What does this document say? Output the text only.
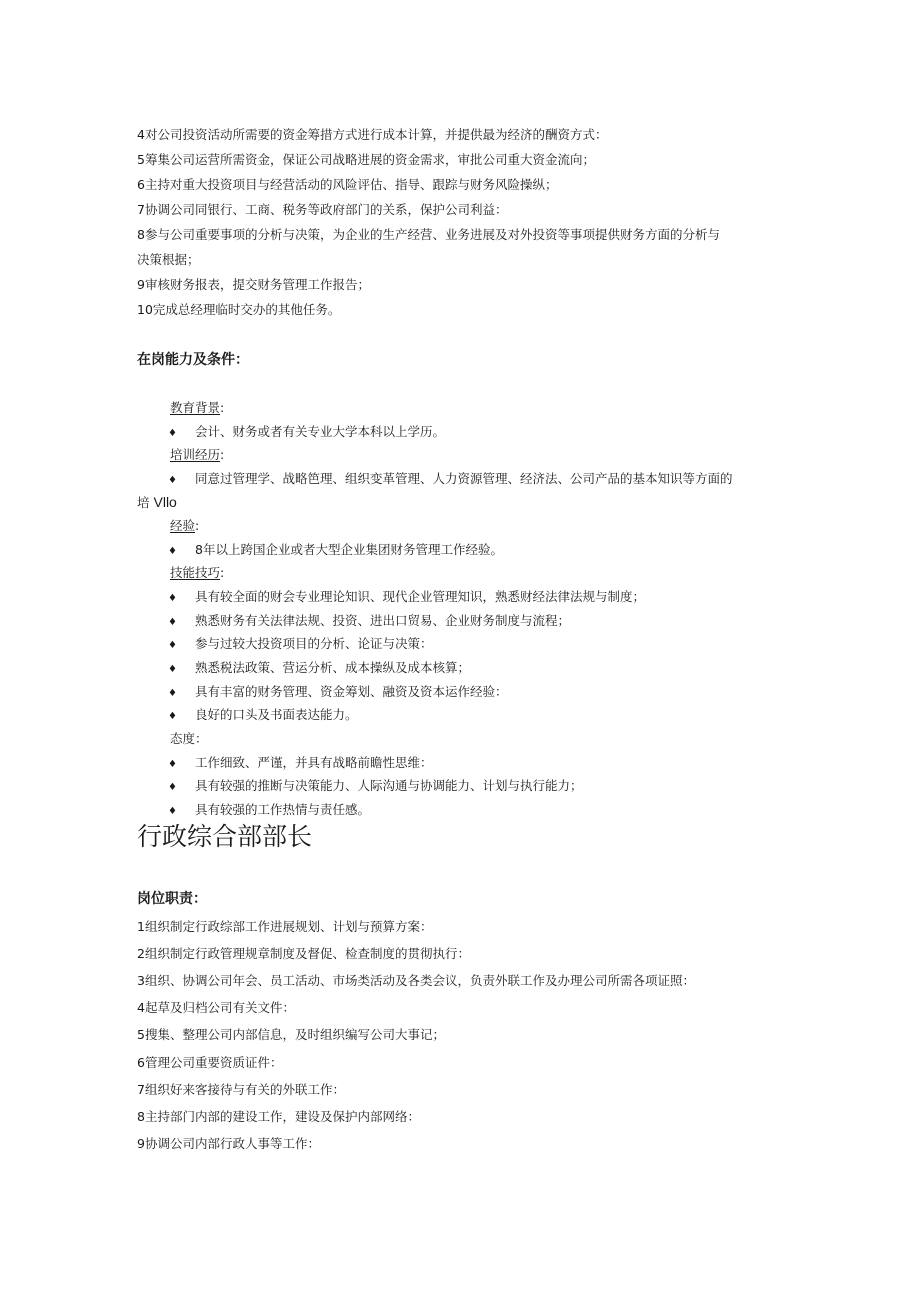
4对公司投资活动所需要的资金筹措方式进行成本计算，并提供最为经济的酬资方式：
5筹集公司运营所需资金，保证公司战略进展的资金需求，审批公司重大资金流向；
6主持对重大投资项目与经营活动的风险评估、指导、跟踪与财务风险操纵；
7协调公司同银行、工商、税务等政府部门的关系，保护公司利益：
8参与公司重要事项的分析与决策，为企业的生产经营、业务进展及对外投资等事项提供财务方面的分析与
决策根据；
9审核财务报表，提交财务管理工作报告；
10完成总经理临时交办的其他任务。
在岗能力及条件：
教育背景:
♦ 会计、财务或者有关专业大学本科以上学历。
培训经历:
♦ 同意过管理学、战略笆理、组织变革管理、人力资源管理、经济法、公司产品的基本知识等方面的
培 Vllo
经验:
♦ 8年以上跨国企业或者大型企业集团财务管理工作经验。
技能技巧:
♦ 具有较全面的财会专业理论知识、现代企业管理知识，熟悉财经法律法规与制度；
♦ 熟悉财务有关法律法规、投资、进出口贸易、企业财务制度与流程；
♦ 参与过较大投资项目的分析、论证与决策：
♦ 熟悉税法政策、营运分析、成本操纵及成本核算；
♦ 具有丰富的财务管理、资金筹划、融资及资本运作经验：
♦ 良好的口头及书面表达能力。
态度：
♦ 工作细致、严谨，并具有战略前瞻性思维：
♦ 具有较强的推断与决策能力、人际沟通与协调能力、计划与执行能力；
♦ 具有较强的工作热情与责任感。
行政综合部部长
岗位职责：
1组织制定行政综部工作进展规划、计划与预算方案：
2组织制定行政管理规章制度及督促、检查制度的贯彻执行：
3组织、协调公司年会、员工活动、市场类活动及各类会议，负责外联工作及办理公司所需各项证照：
4起草及归档公司有关文件：
5搜集、整理公司内部信息，及时组织编写公司大事记；
6管理公司重要资质证件：
7组织好来客接待与有关的外联工作：
8主持部门内部的建设工作，建设及保护内部网络：
9协调公司内部行政人事等工作：
